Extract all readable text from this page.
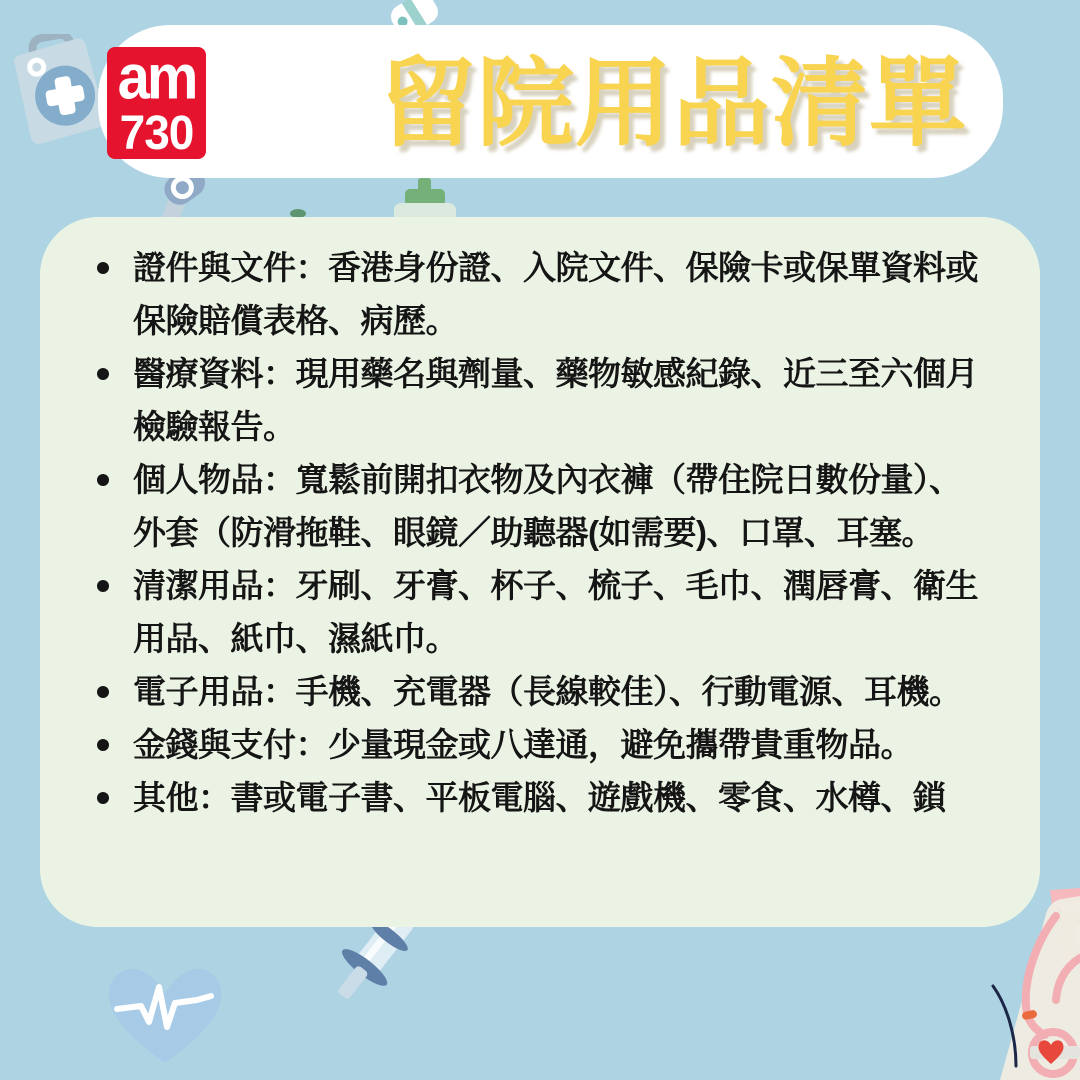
am
730	留院用品清單
證件與文件：香港身份證、入院文件、保險卡或保單資料或保險賠償表格、病歷。
醫療資料：現用藥名與劑量、藥物敏感紀錄、近三至六個月檢驗報告。
個人物品：寬鬆前開扣衣物及內衣褲（帶住院日數份量）、外套（防滑拖鞋、眼鏡／助聽器(如需要)、口罩、耳塞。
清潔用品：牙刷、牙膏、杯子、梳子、毛巾、潤唇膏、衛生用品、紙巾、濕紙巾。
電子用品：手機、充電器（長線較佳）、行動電源、耳機。
金錢與支付：少量現金或八達通，避免攜帶貴重物品。
其他：書或電子書、平板電腦、遊戲機、零食、水樽、鎖
